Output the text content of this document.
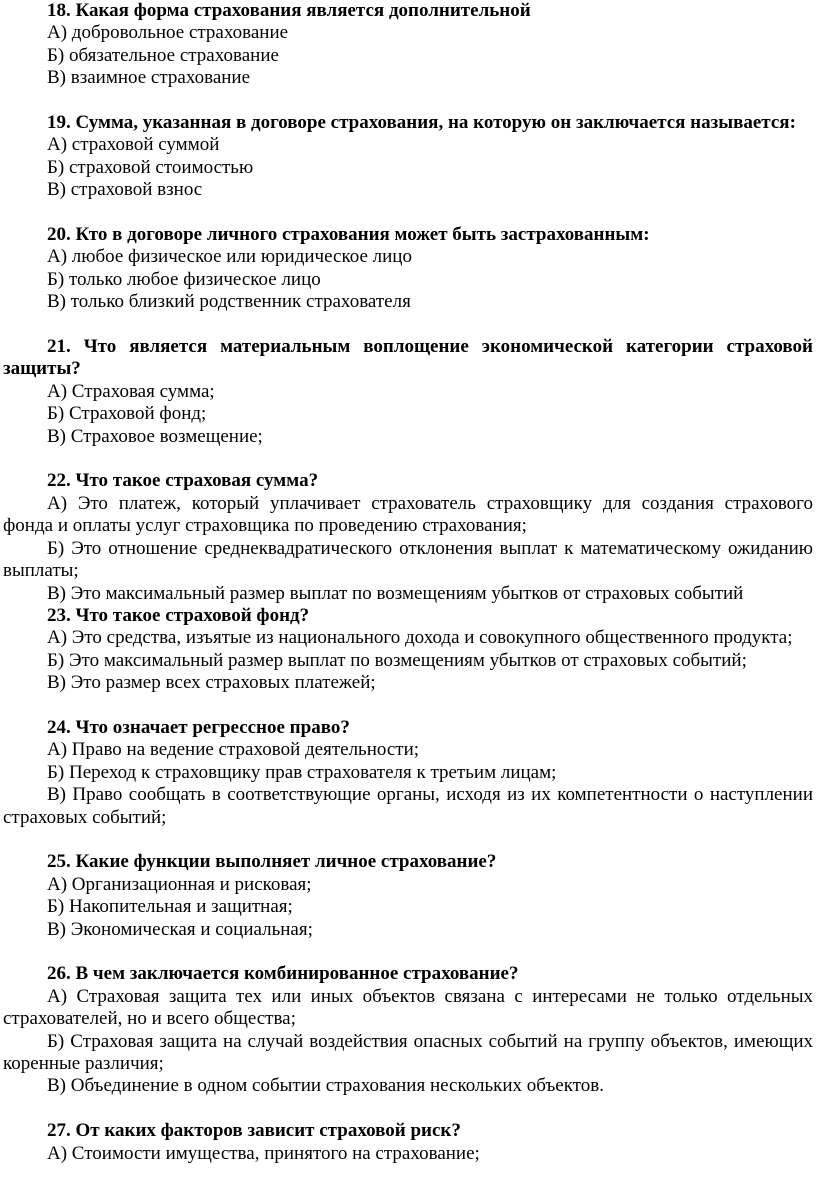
18. Какая форма страхования является дополнительной

А) добровольное страхование

Б) обязательное страхование

В) взаимное страхование

19. Сумма, указанная в договоре страхования, на которую он заключается называется:

А) страховой суммой

Б) страховой стоимостью

В) страховой взнос

20. Кто в договоре личного страхования может быть застрахованным:

А) любое физическое или юридическое лицо

Б) только любое физическое лицо

В) только близкий родственник страхователя

21. Что является материальным воплощение экономической категории страховой защиты?

А) Страховая сумма;

Б) Страховой фонд;

В) Страховое возмещение;

22. Что такое страховая сумма?

А) Это платеж, который уплачивает страхователь страховщику для создания страхового фонда и оплаты услуг страховщика по проведению страхования;

Б) Это отношение среднеквадратического отклонения выплат к математическому ожиданию выплаты;

В) Это максимальный размер выплат по возмещениям убытков от страховых событий

23. Что такое страховой фонд?

А) Это средства, изъятые из национального дохода и совокупного общественного продукта;

Б) Это максимальный размер выплат по возмещениям убытков от страховых событий;

В) Это размер всех страховых платежей;

24. Что означает регрессное право?

А) Право на ведение страховой деятельности;

Б) Переход к страховщику прав страхователя к третьим лицам;

В) Право сообщать в соответствующие органы, исходя из их компетентности о наступлении страховых событий;

25. Какие функции выполняет личное страхование?

А) Организационная и рисковая;

Б) Накопительная и защитная;

В) Экономическая и социальная;

26. В чем заключается комбинированное страхование?

А) Страховая защита тех или иных объектов связана с интересами не только отдельных страхователей, но и всего общества;

Б) Страховая защита на случай воздействия опасных событий на группу объектов, имеющих коренные различия;

В) Объединение в одном событии страхования нескольких объектов.

27. От каких факторов зависит страховой риск?

А) Стоимости имущества, принятого на страхование;
